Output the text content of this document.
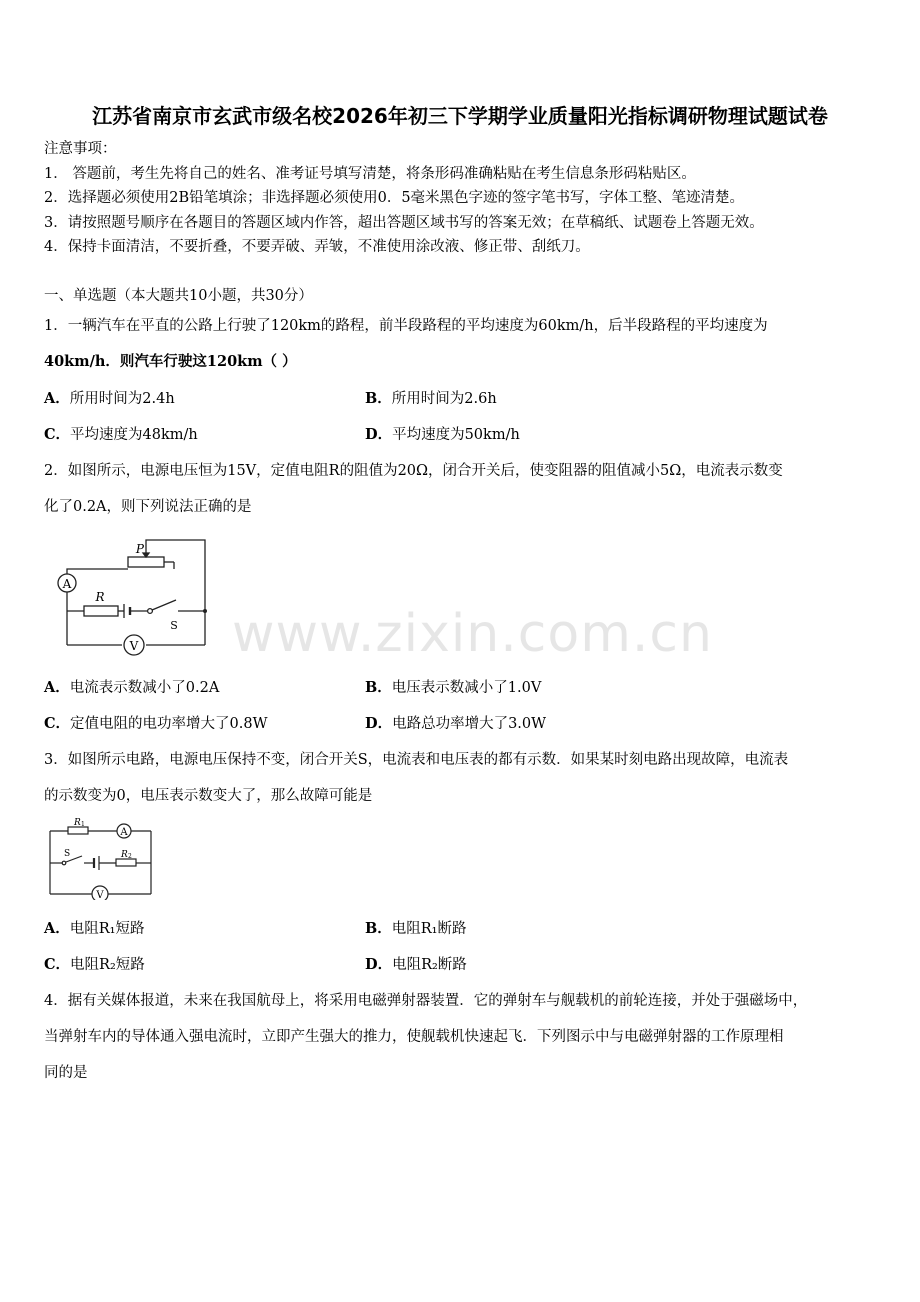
江苏省南京市玄武市级名校2026年初三下学期学业质量阳光指标调研物理试题试卷
注意事项：
1． 答题前，考生先将自己的姓名、准考证号填写清楚，将条形码准确粘贴在考生信息条形码粘贴区。
2．选择题必须使用2B铅笔填涂；非选择题必须使用0．5毫米黑色字迹的签字笔书写，字体工整、笔迹清楚。
3．请按照题号顺序在各题目的答题区域内作答，超出答题区域书写的答案无效；在草稿纸、试题卷上答题无效。
4．保持卡面清洁，不要折叠，不要弄破、弄皱，不准使用涂改液、修正带、刮纸刀。
一、单选题（本大题共10小题，共30分）
1．一辆汽车在平直的公路上行驶了120km的路程，前半段路程的平均速度为60km/h，后半段路程的平均速度为
40km/h．则汽车行驶这120km（ ）
A．所用时间为2.4h	B．所用时间为2.6h
C．平均速度为48km/h	D．平均速度为50km/h
2．如图所示，电源电压恒为15V，定值电阻R的阻值为20Ω，闭合开关后，使变阻器的阻值减小5Ω，电流表示数变
化了0.2A，则下列说法正确的是
A
V
P
R
S www.zixin.com.cn
A．电流表示数减小了0.2A	B．电压表示数减小了1.0V
C．定值电阻的电功率增大了0.8W	D．电路总功率增大了3.0W
3．如图所示电路，电源电压保持不变，闭合开关S，电流表和电压表的都有示数．如果某时刻电路出现故障，电流表
的示数变为0，电压表示数变大了，那么故障可能是
A
V
R 1
R 2
S
A．电阻R₁短路	B．电阻R₁断路
C．电阻R₂短路	D．电阻R₂断路
4．据有关媒体报道，未来在我国航母上，将采用电磁弹射器装置．它的弹射车与舰载机的前轮连接，并处于强磁场中，
当弹射车内的导体通入强电流时，立即产生强大的推力，使舰载机快速起飞．下列图示中与电磁弹射器的工作原理相
同的是
